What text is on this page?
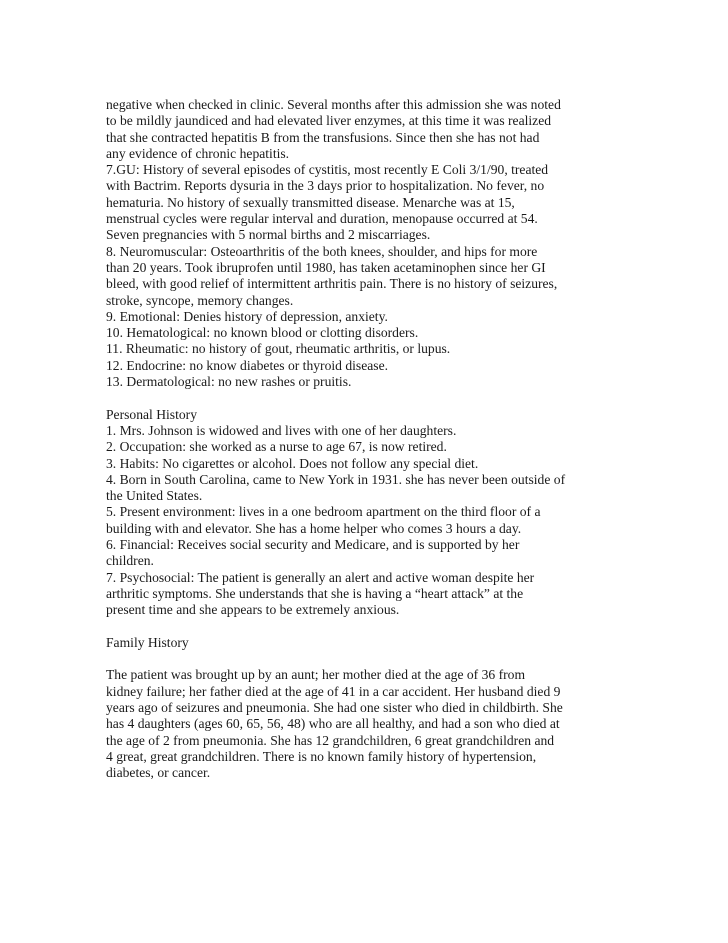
negative when checked in clinic. Several months after this admission she was noted
to be mildly jaundiced and had elevated liver enzymes, at this time it was realized
that she contracted hepatitis B from the transfusions. Since then she has not had
any evidence of chronic hepatitis.
7.GU: History of several episodes of cystitis, most recently E Coli 3/1/90, treated
with Bactrim. Reports dysuria in the 3 days prior to hospitalization. No fever, no
hematuria. No history of sexually transmitted disease. Menarche was at 15,
menstrual cycles were regular interval and duration, menopause occurred at 54.
Seven pregnancies with 5 normal births and 2 miscarriages.
8. Neuromuscular: Osteoarthritis of the both knees, shoulder, and hips for more
than 20 years. Took ibruprofen until 1980, has taken acetaminophen since her GI
bleed, with good relief of intermittent arthritis pain. There is no history of seizures,
stroke, syncope, memory changes.
9. Emotional: Denies history of depression, anxiety.
10. Hematological: no known blood or clotting disorders.
11. Rheumatic: no history of gout, rheumatic arthritis, or lupus.
12. Endocrine: no know diabetes or thyroid disease.
13. Dermatological: no new rashes or pruitis.
Personal History
1. Mrs. Johnson is widowed and lives with one of her daughters.
2. Occupation: she worked as a nurse to age 67, is now retired.
3. Habits: No cigarettes or alcohol. Does not follow any special diet.
4. Born in South Carolina, came to New York in 1931. she has never been outside of
the United States.
5. Present environment: lives in a one bedroom apartment on the third floor of a
building with and elevator. She has a home helper who comes 3 hours a day.
6. Financial: Receives social security and Medicare, and is supported by her
children.
7. Psychosocial: The patient is generally an alert and active woman despite her
arthritic symptoms. She understands that she is having a “heart attack” at the
present time and she appears to be extremely anxious.
Family History
The patient was brought up by an aunt; her mother died at the age of 36 from
kidney failure; her father died at the age of 41 in a car accident. Her husband died 9
years ago of seizures and pneumonia. She had one sister who died in childbirth. She
has 4 daughters (ages 60, 65, 56, 48) who are all healthy, and had a son who died at
the age of 2 from pneumonia. She has 12 grandchildren, 6 great grandchildren and
4 great, great grandchildren. There is no known family history of hypertension,
diabetes, or cancer.
